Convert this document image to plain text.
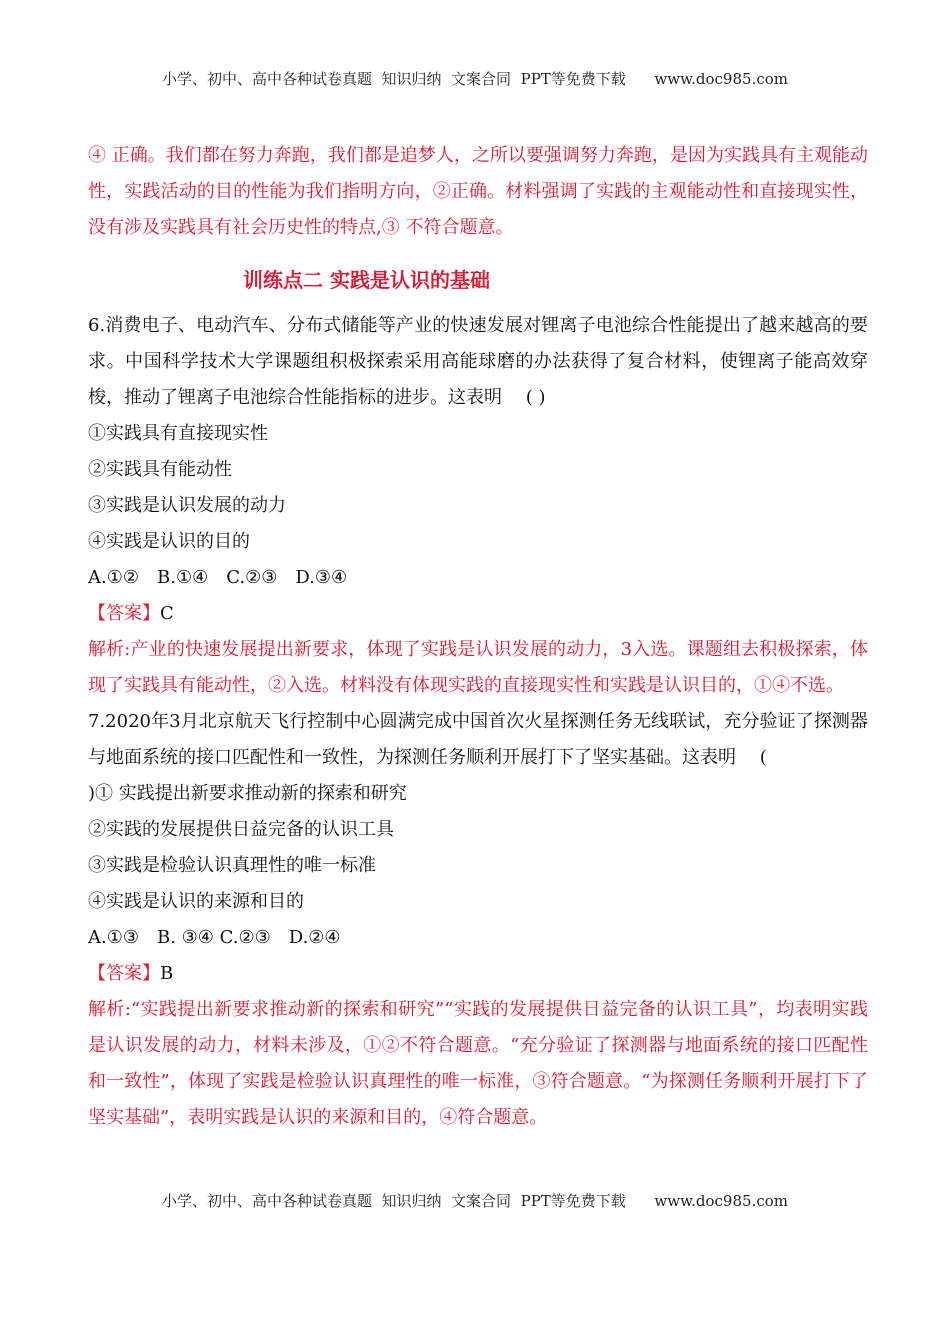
小学、初中、高中各种试卷真题  知识归纳  文案合同  PPT等免费下载      www.doc985.com

④ 正确。我们都在努力奔跑，我们都是追梦人，之所以要强调努力奔跑，是因为实践具有主观能动性，实践活动的目的性能为我们指明方向，②正确。材料强调了实践的主观能动性和直接现实性，没有涉及实践具有社会历史性的特点,③ 不符合题意。

训练点二 实践是认识的基础

6.消费电子、电动汽车、分布式储能等产业的快速发展对锂离子电池综合性能提出了越来越高的要求。中国科学技术大学课题组积极探索采用高能球磨的办法获得了复合材料，使锂离子能高效穿梭，推动了锂离子电池综合性能指标的进步。这表明　 ( )

①实践具有直接现实性

②实践具有能动性

③实践是认识发展的动力

④实践是认识的目的

A.①②　B.①④　C.②③　D.③④

【答案】C

解析:产业的快速发展提出新要求，体现了实践是认识发展的动力，3入选。课题组去积极探索，体现了实践具有能动性，②入选。材料没有体现实践的直接现实性和实践是认识目的，①④不选。

7.2020年3月北京航天飞行控制中心圆满完成中国首次火星探测任务无线联试，充分验证了探测器与地面系统的接口匹配性和一致性，为探测任务顺利开展打下了坚实基础。这表明　 (

)① 实践提出新要求推动新的探索和研究

②实践的发展提供日益完备的认识工具

③实践是检验认识真理性的唯一标准

④实践是认识的来源和目的

A.①③　B. ③④ C.②③　D.②④

【答案】B

解析:“实践提出新要求推动新的探索和研究”“实践的发展提供日益完备的认识工具”，均表明实践是认识发展的动力，材料未涉及，①②不符合题意。“充分验证了探测器与地面系统的接口匹配性和一致性”，体现了实践是检验认识真理性的唯一标准，③符合题意。“为探测任务顺利开展打下了坚实基础”，表明实践是认识的来源和目的，④符合题意。

小学、初中、高中各种试卷真题  知识归纳  文案合同  PPT等免费下载      www.doc985.com
